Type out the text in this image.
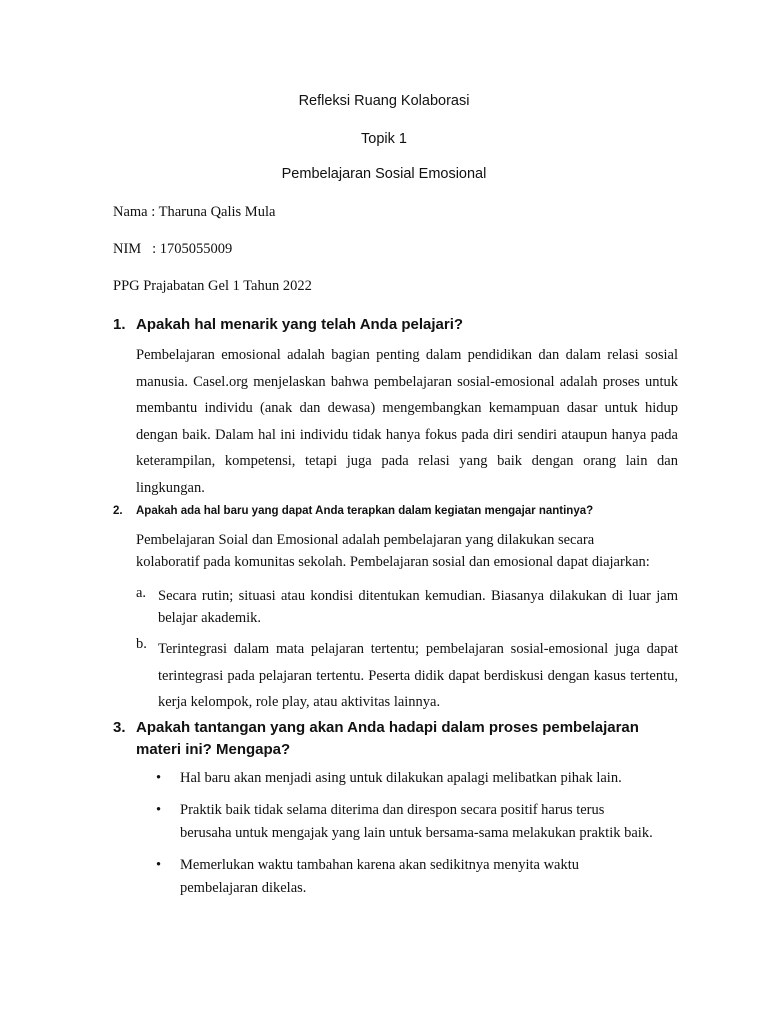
Refleksi Ruang Kolaborasi
Topik 1
Pembelajaran Sosial Emosional
Nama : Tharuna Qalis Mula
NIM   : 1705055009
PPG Prajabatan Gel 1 Tahun 2022
1. Apakah hal menarik yang telah Anda pelajari?
Pembelajaran emosional adalah bagian penting dalam pendidikan dan dalam relasi sosial manusia. Casel.org menjelaskan bahwa pembelajaran sosial-emosional adalah proses untuk membantu individu (anak dan dewasa) mengembangkan kemampuan dasar untuk hidup dengan baik. Dalam hal ini individu tidak hanya fokus pada diri sendiri ataupun hanya pada keterampilan, kompetensi, tetapi juga pada relasi yang baik dengan orang lain dan lingkungan.
2. Apakah ada hal baru yang dapat Anda terapkan dalam kegiatan mengajar nantinya?
Pembelajaran Soial dan Emosional adalah pembelajaran yang dilakukan secara
kolaboratif pada komunitas sekolah. Pembelajaran sosial dan emosional dapat diajarkan:
a. Secara rutin; situasi atau kondisi ditentukan kemudian. Biasanya dilakukan di luar jam belajar akademik.
b. Terintegrasi dalam mata pelajaran tertentu; pembelajaran sosial-emosional juga dapat terintegrasi pada pelajaran tertentu. Peserta didik dapat berdiskusi dengan kasus tertentu, kerja kelompok, role play, atau aktivitas lainnya.
3. Apakah tantangan yang akan Anda hadapi dalam proses pembelajaran
materi ini? Mengapa?
• Hal baru akan menjadi asing untuk dilakukan apalagi melibatkan pihak lain.
• Praktik baik tidak selama diterima dan direspon secara positif harus terus
berusaha untuk mengajak yang lain untuk bersama-sama melakukan praktik baik.
• Memerlukan waktu tambahan karena akan sedikitnya menyita waktu
pembelajaran dikelas.
